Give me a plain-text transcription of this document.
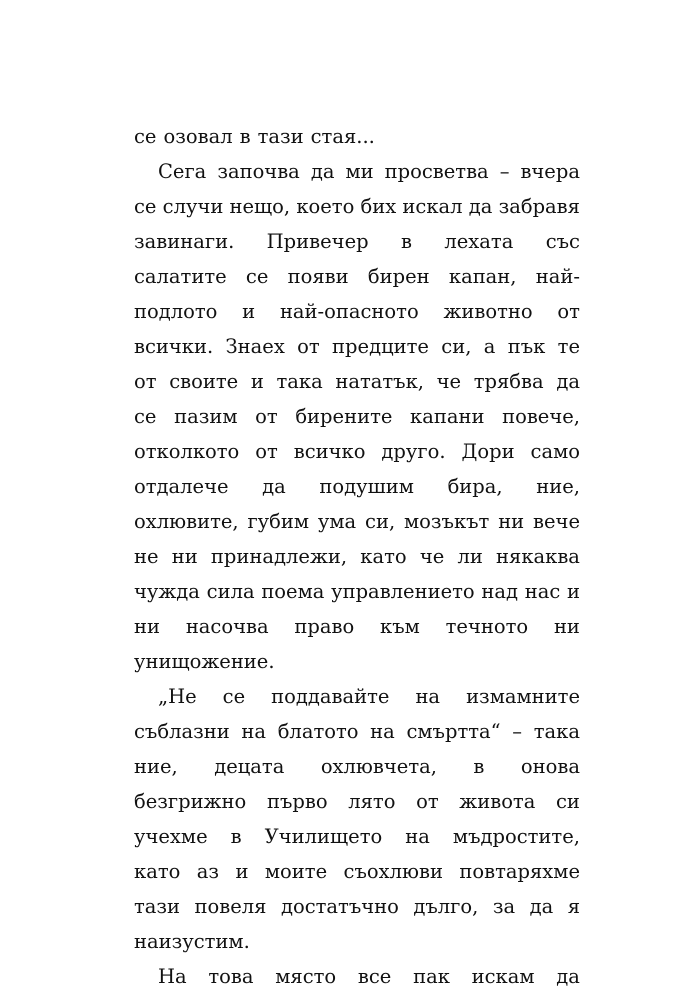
се озовал в тази стая...
Сега започва да ми просветва – вчера
се случи нещо, което бих искал да забравя
завинаги. Привечер в лехата със
салатите се появи бирен капан, най-
подлото и най-опасното животно от
всички. Знаех от предците си, а пък те
от своите и така нататък, че трябва да
се пазим от бирените капани повече,
отколкото от всичко друго. Дори само
отдалече да подушим бира, ние,
охлювите, губим ума си, мозъкът ни вече
не ни принадлежи, като че ли някаква
чужда сила поема управлението над нас и
ни насочва право към течното ни
унищожение.
„Не се поддавайте на измамните
съблазни на блатото на смъртта“ – така
ние, децата охлювчета, в онова
безгрижно първо лято от живота си
учехме в Училището на мъдростите,
като аз и моите съохлюви повтаряхме
тази повеля достатъчно дълго, за да я
наизустим.
На това място все пак искам да
